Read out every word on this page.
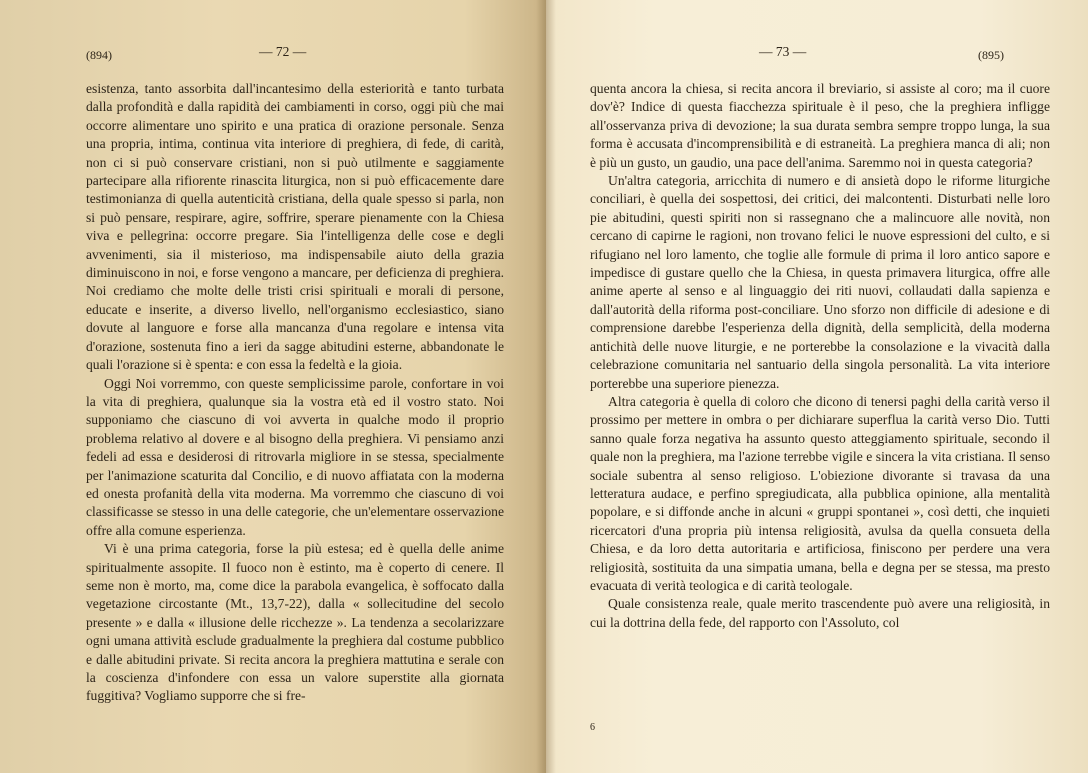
(894)	— 72 —

esistenza, tanto assorbita dall'incantesimo della esteriorità e tanto turbata dalla profondità e dalla rapidità dei cambiamenti in corso, oggi più che mai occorre alimentare uno spirito e una pratica di orazione personale. Senza una propria, intima, continua vita interiore di preghiera, di fede, di carità, non ci si può conservare cristiani, non si può utilmente e saggiamente partecipare alla rifiorente rinascita liturgica, non si può efficacemente dare testimonianza di quella autenticità cristiana, della quale spesso si parla, non si può pensare, respirare, agire, soffrire, sperare pienamente con la Chiesa viva e pellegrina: occorre pregare. Sia l'intelligenza delle cose e degli avvenimenti, sia il misterioso, ma indispensabile aiuto della grazia diminuiscono in noi, e forse vengono a mancare, per deficienza di preghiera. Noi crediamo che molte delle tristi crisi spirituali e morali di persone, educate e inserite, a diverso livello, nell'organismo ecclesiastico, siano dovute al languore e forse alla mancanza d'una regolare e intensa vita d'orazione, sostenuta fino a ieri da sagge abitudini esterne, abbandonate le quali l'orazione si è spenta: e con essa la fedeltà e la gioia.

Oggi Noi vorremmo, con queste semplicissime parole, confortare in voi la vita di preghiera, qualunque sia la vostra età ed il vostro stato. Noi supponiamo che ciascuno di voi avverta in qualche modo il proprio problema relativo al dovere e al bisogno della preghiera. Vi pensiamo anzi fedeli ad essa e desiderosi di ritrovarla migliore in se stessa, specialmente per l'animazione scaturita dal Concilio, e di nuovo affiatata con la moderna ed onesta profanità della vita moderna. Ma vorremmo che ciascuno di voi classificasse se stesso in una delle categorie, che un'elementare osservazione offre alla comune esperienza.

Vi è una prima categoria, forse la più estesa; ed è quella delle anime spiritualmente assopite. Il fuoco non è estinto, ma è coperto di cenere. Il seme non è morto, ma, come dice la parabola evangelica, è soffocato dalla vegetazione circostante (Mt., 13,7-22), dalla « sollecitudine del secolo presente » e dalla « illusione delle ricchezze ». La tendenza a secolarizzare ogni umana attività esclude gradualmente la preghiera dal costume pubblico e dalle abitudini private. Si recita ancora la preghiera mattutina e serale con la coscienza d'infondere con essa un valore superstite alla giornata fuggitiva? Vogliamo supporre che si fre-

— 73 —	(895)

quenta ancora la chiesa, si recita ancora il breviario, si assiste al coro; ma il cuore dov'è? Indice di questa fiacchezza spirituale è il peso, che la preghiera infligge all'osservanza priva di devozione; la sua durata sembra sempre troppo lunga, la sua forma è accusata d'incomprensibilità e di estraneità. La preghiera manca di ali; non è più un gusto, un gaudio, una pace dell'anima. Saremmo noi in questa categoria?

Un'altra categoria, arricchita di numero e di ansietà dopo le riforme liturgiche conciliari, è quella dei sospettosi, dei critici, dei malcontenti. Disturbati nelle loro pie abitudini, questi spiriti non si rassegnano che a malincuore alle novità, non cercano di capirne le ragioni, non trovano felici le nuove espressioni del culto, e si rifugiano nel loro lamento, che toglie alle formule di prima il loro antico sapore e impedisce di gustare quello che la Chiesa, in questa primavera liturgica, offre alle anime aperte al senso e al linguaggio dei riti nuovi, collaudati dalla sapienza e dall'autorità della riforma post-conciliare. Uno sforzo non difficile di adesione e di comprensione darebbe l'esperienza della dignità, della semplicità, della moderna antichità delle nuove liturgie, e ne porterebbe la consolazione e la vivacità dalla celebrazione comunitaria nel santuario della singola personalità. La vita interiore porterebbe una superiore pienezza.

Altra categoria è quella di coloro che dicono di tenersi paghi della carità verso il prossimo per mettere in ombra o per dichiarare superflua la carità verso Dio. Tutti sanno quale forza negativa ha assunto questo atteggiamento spirituale, secondo il quale non la preghiera, ma l'azione terrebbe vigile e sincera la vita cristiana. Il senso sociale subentra al senso religioso. L'obiezione divorante si travasa da una letteratura audace, e perfino spregiudicata, alla pubblica opinione, alla mentalità popolare, e si diffonde anche in alcuni « gruppi spontanei », così detti, che inquieti ricercatori d'una propria più intensa religiosità, avulsa da quella consueta della Chiesa, e da loro detta autoritaria e artificiosa, finiscono per perdere una vera religiosità, sostituita da una simpatia umana, bella e degna per se stessa, ma presto evacuata di verità teologica e di carità teologale.

Quale consistenza reale, quale merito trascendente può avere una religiosità, in cui la dottrina della fede, del rapporto con l'Assoluto, col

6
